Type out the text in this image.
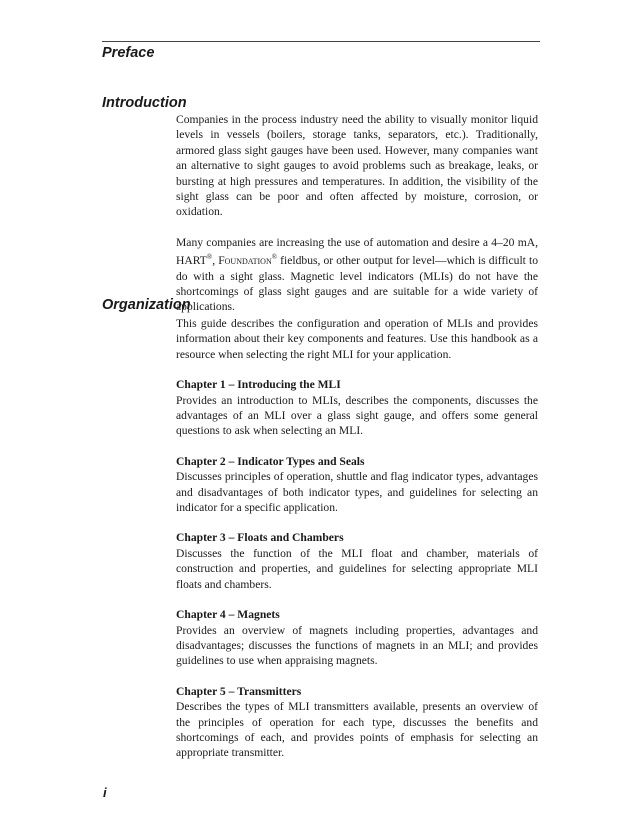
Preface
Introduction

Companies in the process industry need the ability to visually monitor liquid levels in vessels (boilers, storage tanks, separators, etc.). Traditionally, armored glass sight gauges have been used. However, many companies want an alternative to sight gauges to avoid problems such as breakage, leaks, or bursting at high pressures and temperatures. In addition, the visibility of the sight glass can be poor and often affected by moisture, corrosion, or oxidation.

Many companies are increasing the use of automation and desire a 4–20 mA, HART®, Foundation® fieldbus, or other output for level—which is difficult to do with a sight glass. Magnetic level indicators (MLIs) do not have the shortcomings of glass sight gauges and are suitable for a wide variety of applications.

Organization

This guide describes the configuration and operation of MLIs and provides information about their key components and features. Use this handbook as a resource when selecting the right MLI for your application.

Chapter 1 – Introducing the MLI

Provides an introduction to MLIs, describes the components, discusses the advantages of an MLI over a glass sight gauge, and offers some general questions to ask when selecting an MLI.

Chapter 2 – Indicator Types and Seals

Discusses principles of operation, shuttle and flag indicator types, advantages and disadvantages of both indicator types, and guidelines for selecting an indicator for a specific application.

Chapter 3 – Floats and Chambers

Discusses the function of the MLI float and chamber, materials of construction and properties, and guidelines for selecting appropriate MLI floats and chambers.

Chapter 4 – Magnets

Provides an overview of magnets including properties, advantages and disadvantages; discusses the functions of magnets in an MLI; and provides guidelines to use when appraising magnets.

Chapter 5 – Transmitters

Describes the types of MLI transmitters available, presents an overview of the principles of operation for each type, discusses the benefits and shortcomings of each, and provides points of emphasis for selecting an appropriate transmitter.

i
